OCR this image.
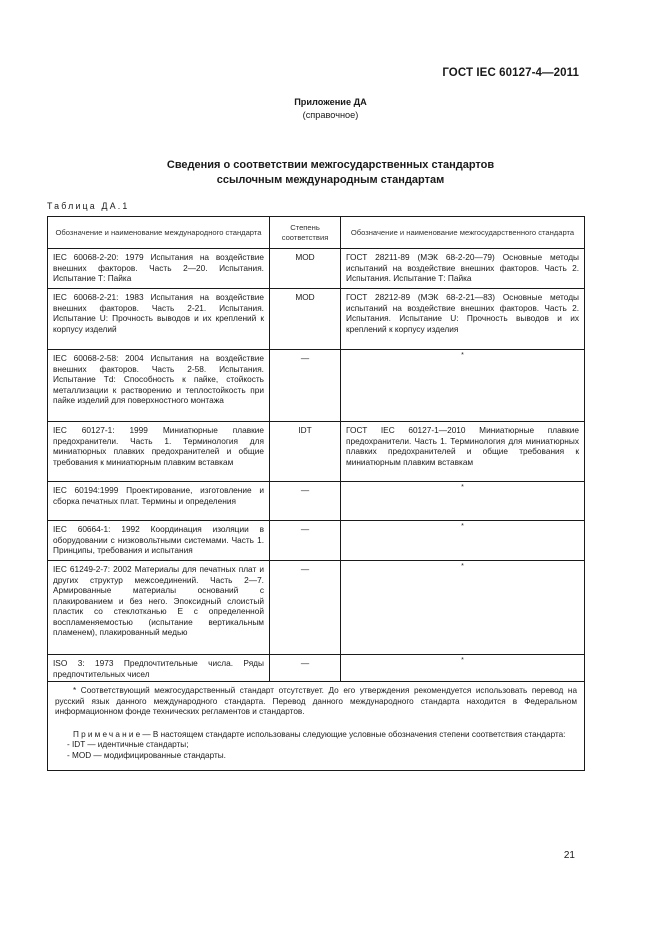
ГОСТ IEC 60127-4—2011
Приложение ДА
(справочное)
Сведения о соответствии межгосударственных стандартов
ссылочным международным стандартам
Таблица ДА.1
Обозначение и наименование международного стандарта	Степень соответствия	Обозначение и наименование межгосударственного стандарта
IEC 60068-2-20: 1979 Испытания на воздействие внешних факторов. Часть 2—20. Испытания. Испытание Т: Пайка	MOD	ГОСТ 28211-89 (МЭК 68-2-20—79) Основные методы испытаний на воздействие внешних факторов. Часть 2. Испытания. Испытание Т: Пайка
IEC 60068-2-21: 1983 Испытания на воздействие внешних факторов. Часть 2-21. Испытания. Испытание U: Прочность выводов и их креплений к корпусу изделий	MOD	ГОСТ 28212-89 (МЭК 68-2-21—83) Основные методы испытаний на воздействие внешних факторов. Часть 2. Испытания. Испытание U: Прочность выводов и их креплений к корпусу изделия
IEC 60068-2-58: 2004 Испытания на воздействие внешних факторов. Часть 2-58. Испытания. Испытание Td: Способность к пайке, стойкость металлизации к растворению и теплостойкость при пайке изделий для поверхностного монтажа	—	*
IEC 60127-1: 1999 Миниатюрные плавкие предохранители. Часть 1. Терминология для миниатюрных плавких предохранителей и общие требования к миниатюрным плавким вставкам	IDT	ГОСТ IEC 60127-1—2010 Миниатюрные плавкие предохранители. Часть 1. Терминология для миниатюрных плавких предохранителей и общие требования к миниатюрным плавким вставкам
IEC 60194:1999 Проектирование, изготовление и сборка печатных плат. Термины и определения	—	*
IEC 60664-1: 1992 Координация изоляции в оборудовании с низковольтными системами. Часть 1. Принципы, требования и испытания	—	*
IEC 61249-2-7: 2002 Материалы для печатных плат и других структур межсоединений. Часть 2—7. Армированные материалы оснований с плакированием и без него. Эпоксидный слоистый пластик со стеклотканью Е с определенной воспламеняемостью (испытание вертикальным пламенем), плакированный медью	—	*
ISO 3: 1973 Предпочтительные числа. Ряды предпочтительных чисел	—	*

* Соответствующий межгосударственный стандарт отсутствует. До его утверждения рекомендуется использовать перевод на русский язык данного международного стандарта. Перевод данного международного стандарта находится в Федеральном информационном фонде технических регламентов и стандартов.

Примечание— В настоящем стандарте использованы следующие условные обозначения степени соответствия стандарта:

- IDT — идентичные стандарты;

- MOD — модифицированные стандарты.		

21
